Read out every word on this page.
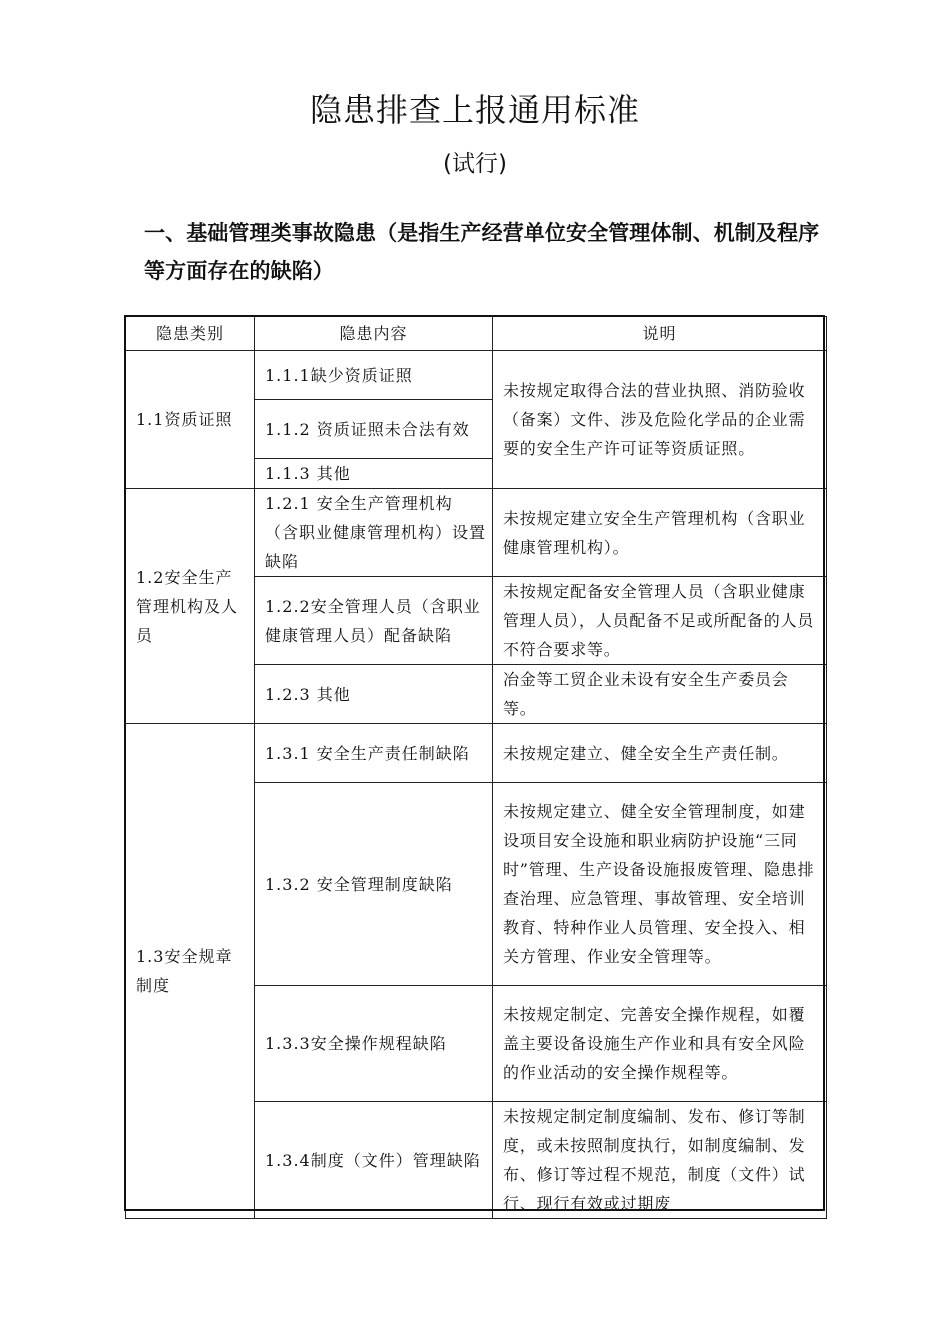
隐患排查上报通用标准
(试行)
一、基础管理类事故隐患（是指生产经营单位安全管理体制、机制及程序等方面存在的缺陷）
隐患类别	隐患内容	说明
1.1资质证照	1.1.1缺少资质证照	未按规定取得合法的营业执照、消防验收（备案）文件、涉及危险化学品的企业需要的安全生产许可证等资质证照。
	1.1.2 资质证照未合法有效	
	1.1.3 其他	
1.2安全生产管理机构及人员	1.2.1 安全生产管理机构（含职业健康管理机构）设置缺陷	未按规定建立安全生产管理机构（含职业健康管理机构）。
	1.2.2安全管理人员（含职业健康管理人员）配备缺陷	未按规定配备安全管理人员（含职业健康管理人员），人员配备不足或所配备的人员不符合要求等。
	1.2.3 其他	冶金等工贸企业未设有安全生产委员会等。
1.3安全规章制度	1.3.1 安全生产责任制缺陷	未按规定建立、健全安全生产责任制。
	1.3.2 安全管理制度缺陷	未按规定建立、健全安全管理制度，如建设项目安全设施和职业病防护设施“三同时”管理、生产设备设施报废管理、隐患排查治理、应急管理、事故管理、安全培训教育、特种作业人员管理、安全投入、相关方管理、作业安全管理等。
	1.3.3安全操作规程缺陷	未按规定制定、完善安全操作规程，如覆盖主要设备设施生产作业和具有安全风险的作业活动的安全操作规程等。
	1.3.4制度（文件）管理缺陷	未按规定制定制度编制、发布、修订等制度，或未按照制度执行，如制度编制、发布、修订等过程不规范，制度（文件）试行、现行有效或过期废
